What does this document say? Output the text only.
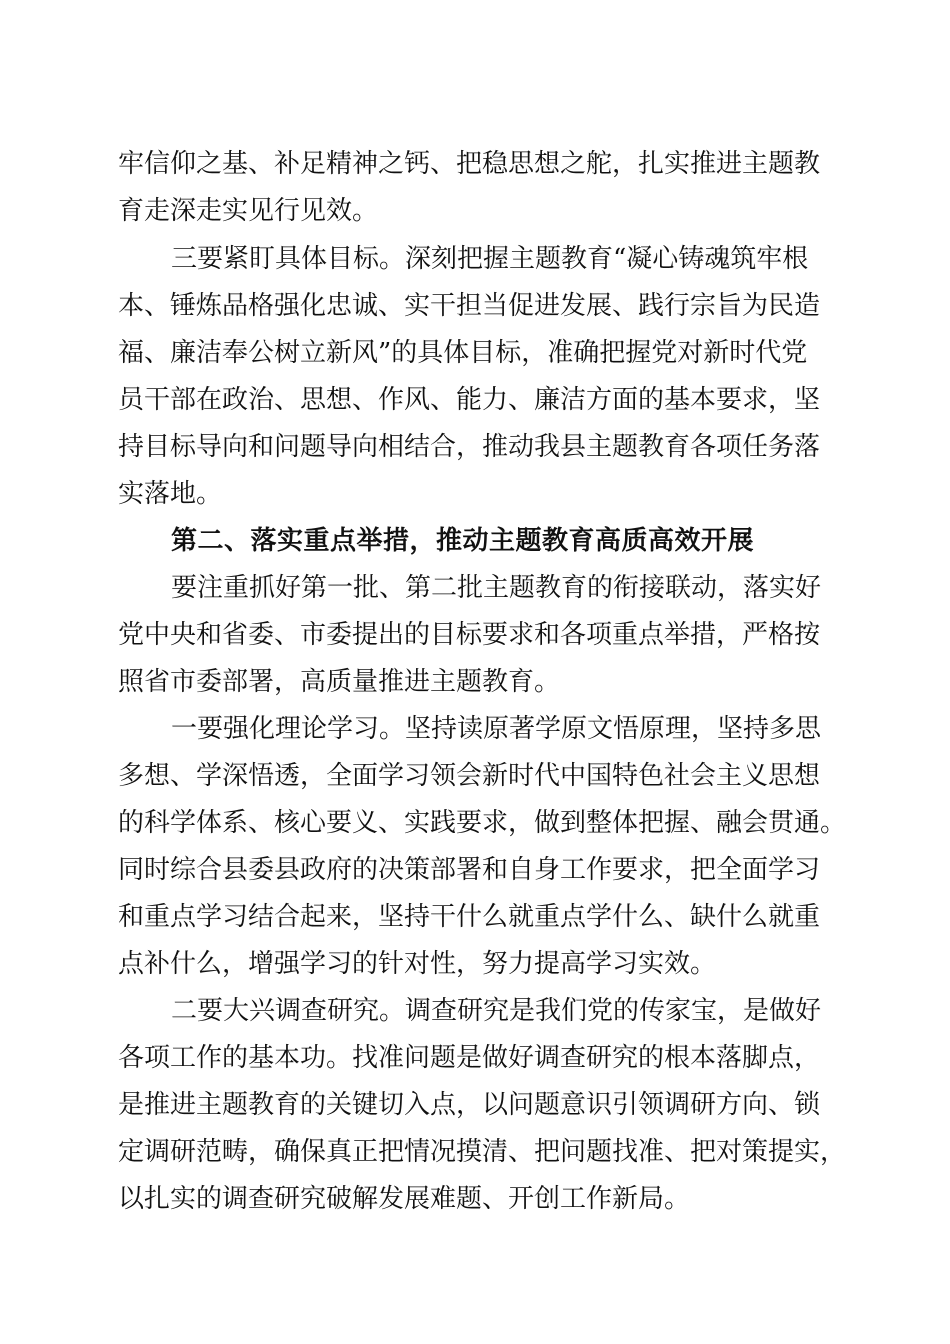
牢信仰之基、补足精神之钙、把稳思想之舵，扎实推进主题教
育走深走实见行见效。
三要紧盯具体目标。深刻把握主题教育“凝心铸魂筑牢根
本、锤炼品格强化忠诚、实干担当促进发展、践行宗旨为民造
福、廉洁奉公树立新风”的具体目标，准确把握党对新时代党
员干部在政治、思想、作风、能力、廉洁方面的基本要求，坚
持目标导向和问题导向相结合，推动我县主题教育各项任务落
实落地。
第二、落实重点举措，推动主题教育高质高效开展
要注重抓好第一批、第二批主题教育的衔接联动，落实好
党中央和省委、市委提出的目标要求和各项重点举措，严格按
照省市委部署，高质量推进主题教育。
一要强化理论学习。坚持读原著学原文悟原理，坚持多思
多想、学深悟透，全面学习领会新时代中国特色社会主义思想
的科学体系、核心要义、实践要求，做到整体把握、融会贯通。
同时综合县委县政府的决策部署和自身工作要求，把全面学习
和重点学习结合起来，坚持干什么就重点学什么、缺什么就重
点补什么，增强学习的针对性，努力提高学习实效。
二要大兴调查研究。调查研究是我们党的传家宝，是做好
各项工作的基本功。找准问题是做好调查研究的根本落脚点，
是推进主题教育的关键切入点，以问题意识引领调研方向、锁
定调研范畴，确保真正把情况摸清、把问题找准、把对策提实，
以扎实的调查研究破解发展难题、开创工作新局。
